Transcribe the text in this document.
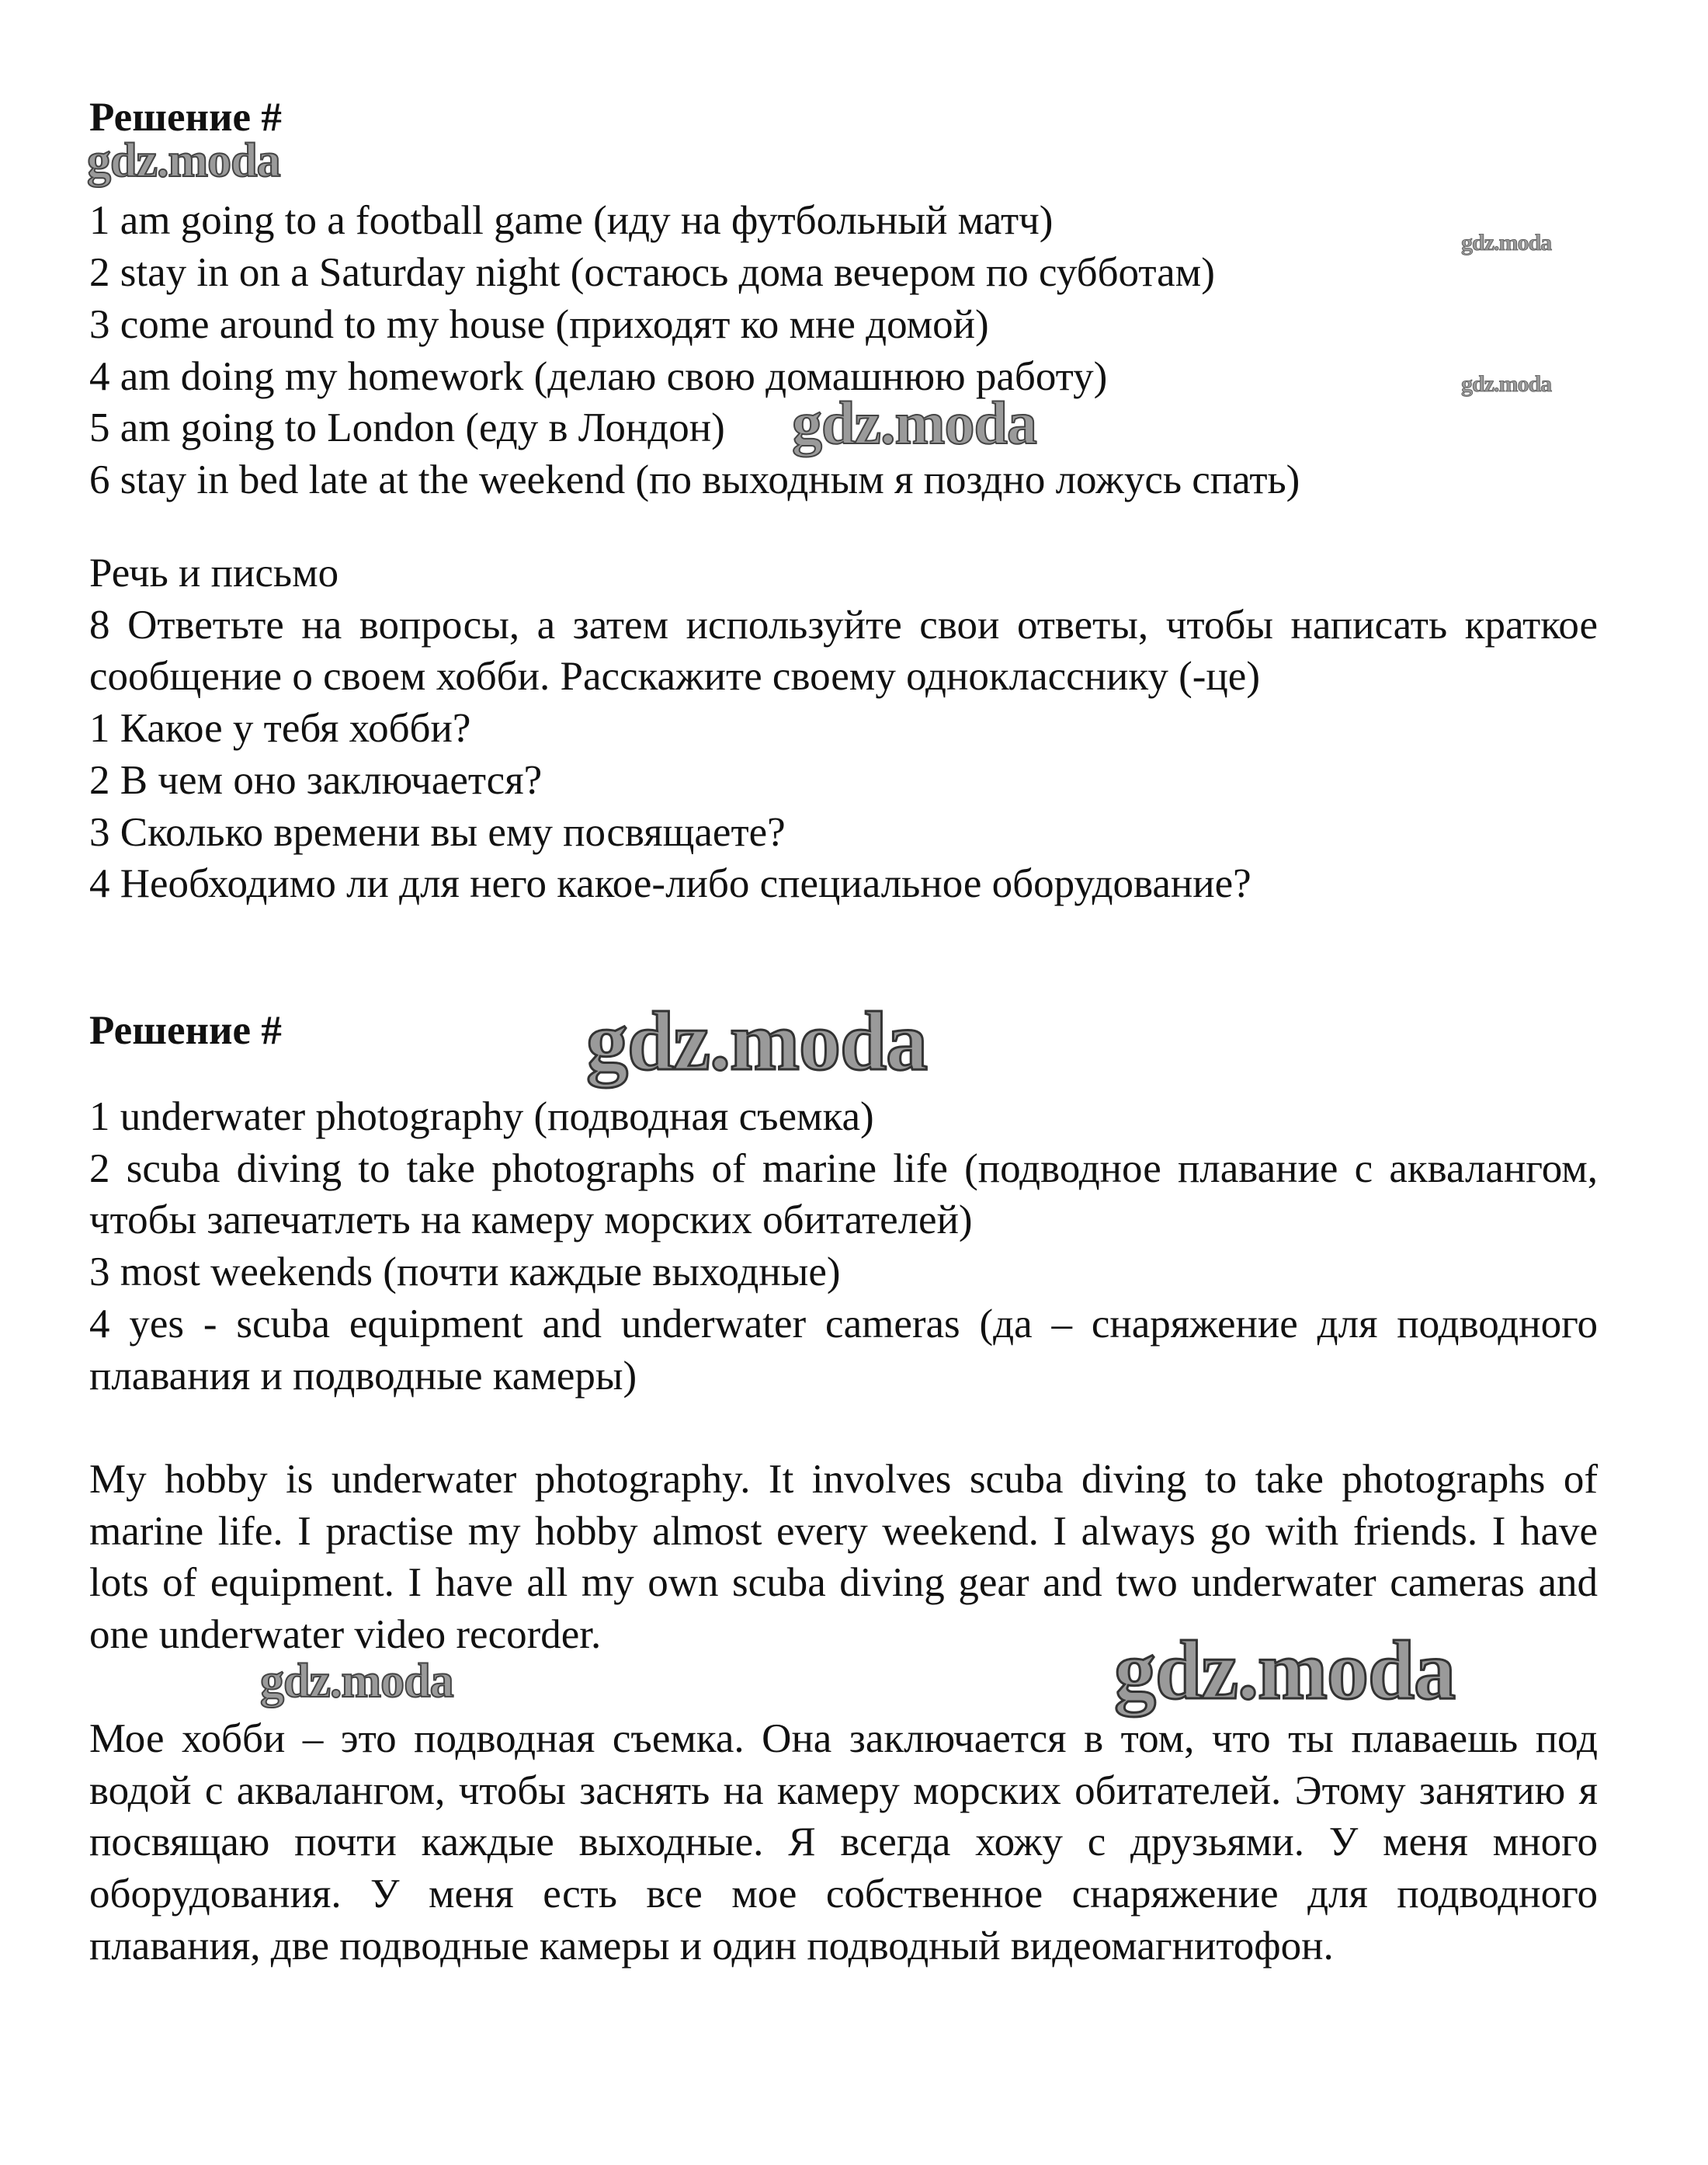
Решение #
1 am going to a football game (иду на футбольный матч)
2 stay in on a Saturday night (остаюсь дома вечером по субботам)
3 come around to my house (приходят ко мне домой)
4 am doing my homework (делаю свою домашнюю работу)
5 am going to London (еду в Лондон)
6 stay in bed late at the weekend (по выходным я поздно ложусь спать)
Речь и письмо
8 Ответьте на вопросы, а затем используйте свои ответы, чтобы написать краткое сообщение о своем хобби. Расскажите своему однокласснику (-це)
1 Какое у тебя хобби?
2 В чем оно заключается?
3 Сколько времени вы ему посвящаете?
4 Необходимо ли для него какое-либо специальное оборудование?
Решение #
1 underwater photography (подводная съемка)
2 scuba diving to take photographs of marine life (подводное плавание с аквалангом, чтобы запечатлеть на камеру морских обитателей)
3 most weekends (почти каждые выходные)
4 yes - scuba equipment and underwater cameras (да – снаряжение для подводного плавания и подводные камеры)
My hobby is underwater photography. It involves scuba diving to take photographs of marine life. I practise my hobby almost every weekend. I always go with friends. I have lots of equipment. I have all my own scuba diving gear and two underwater cameras and one underwater video recorder.
Мое хобби – это подводная съемка. Она заключается в том, что ты плаваешь под водой с аквалангом, чтобы заснять на камеру морских обитателей. Этому занятию я посвящаю почти каждые выходные. Я всегда хожу с друзьями. У меня много оборудования. У меня есть все мое собственное снаряжение для подводного плавания, две подводные камеры и один подводный видеомагнитофон.
gdz.moda
gdz.moda
gdz.moda
gdz.moda
gdz.moda
gdz.moda	gdz.moda
